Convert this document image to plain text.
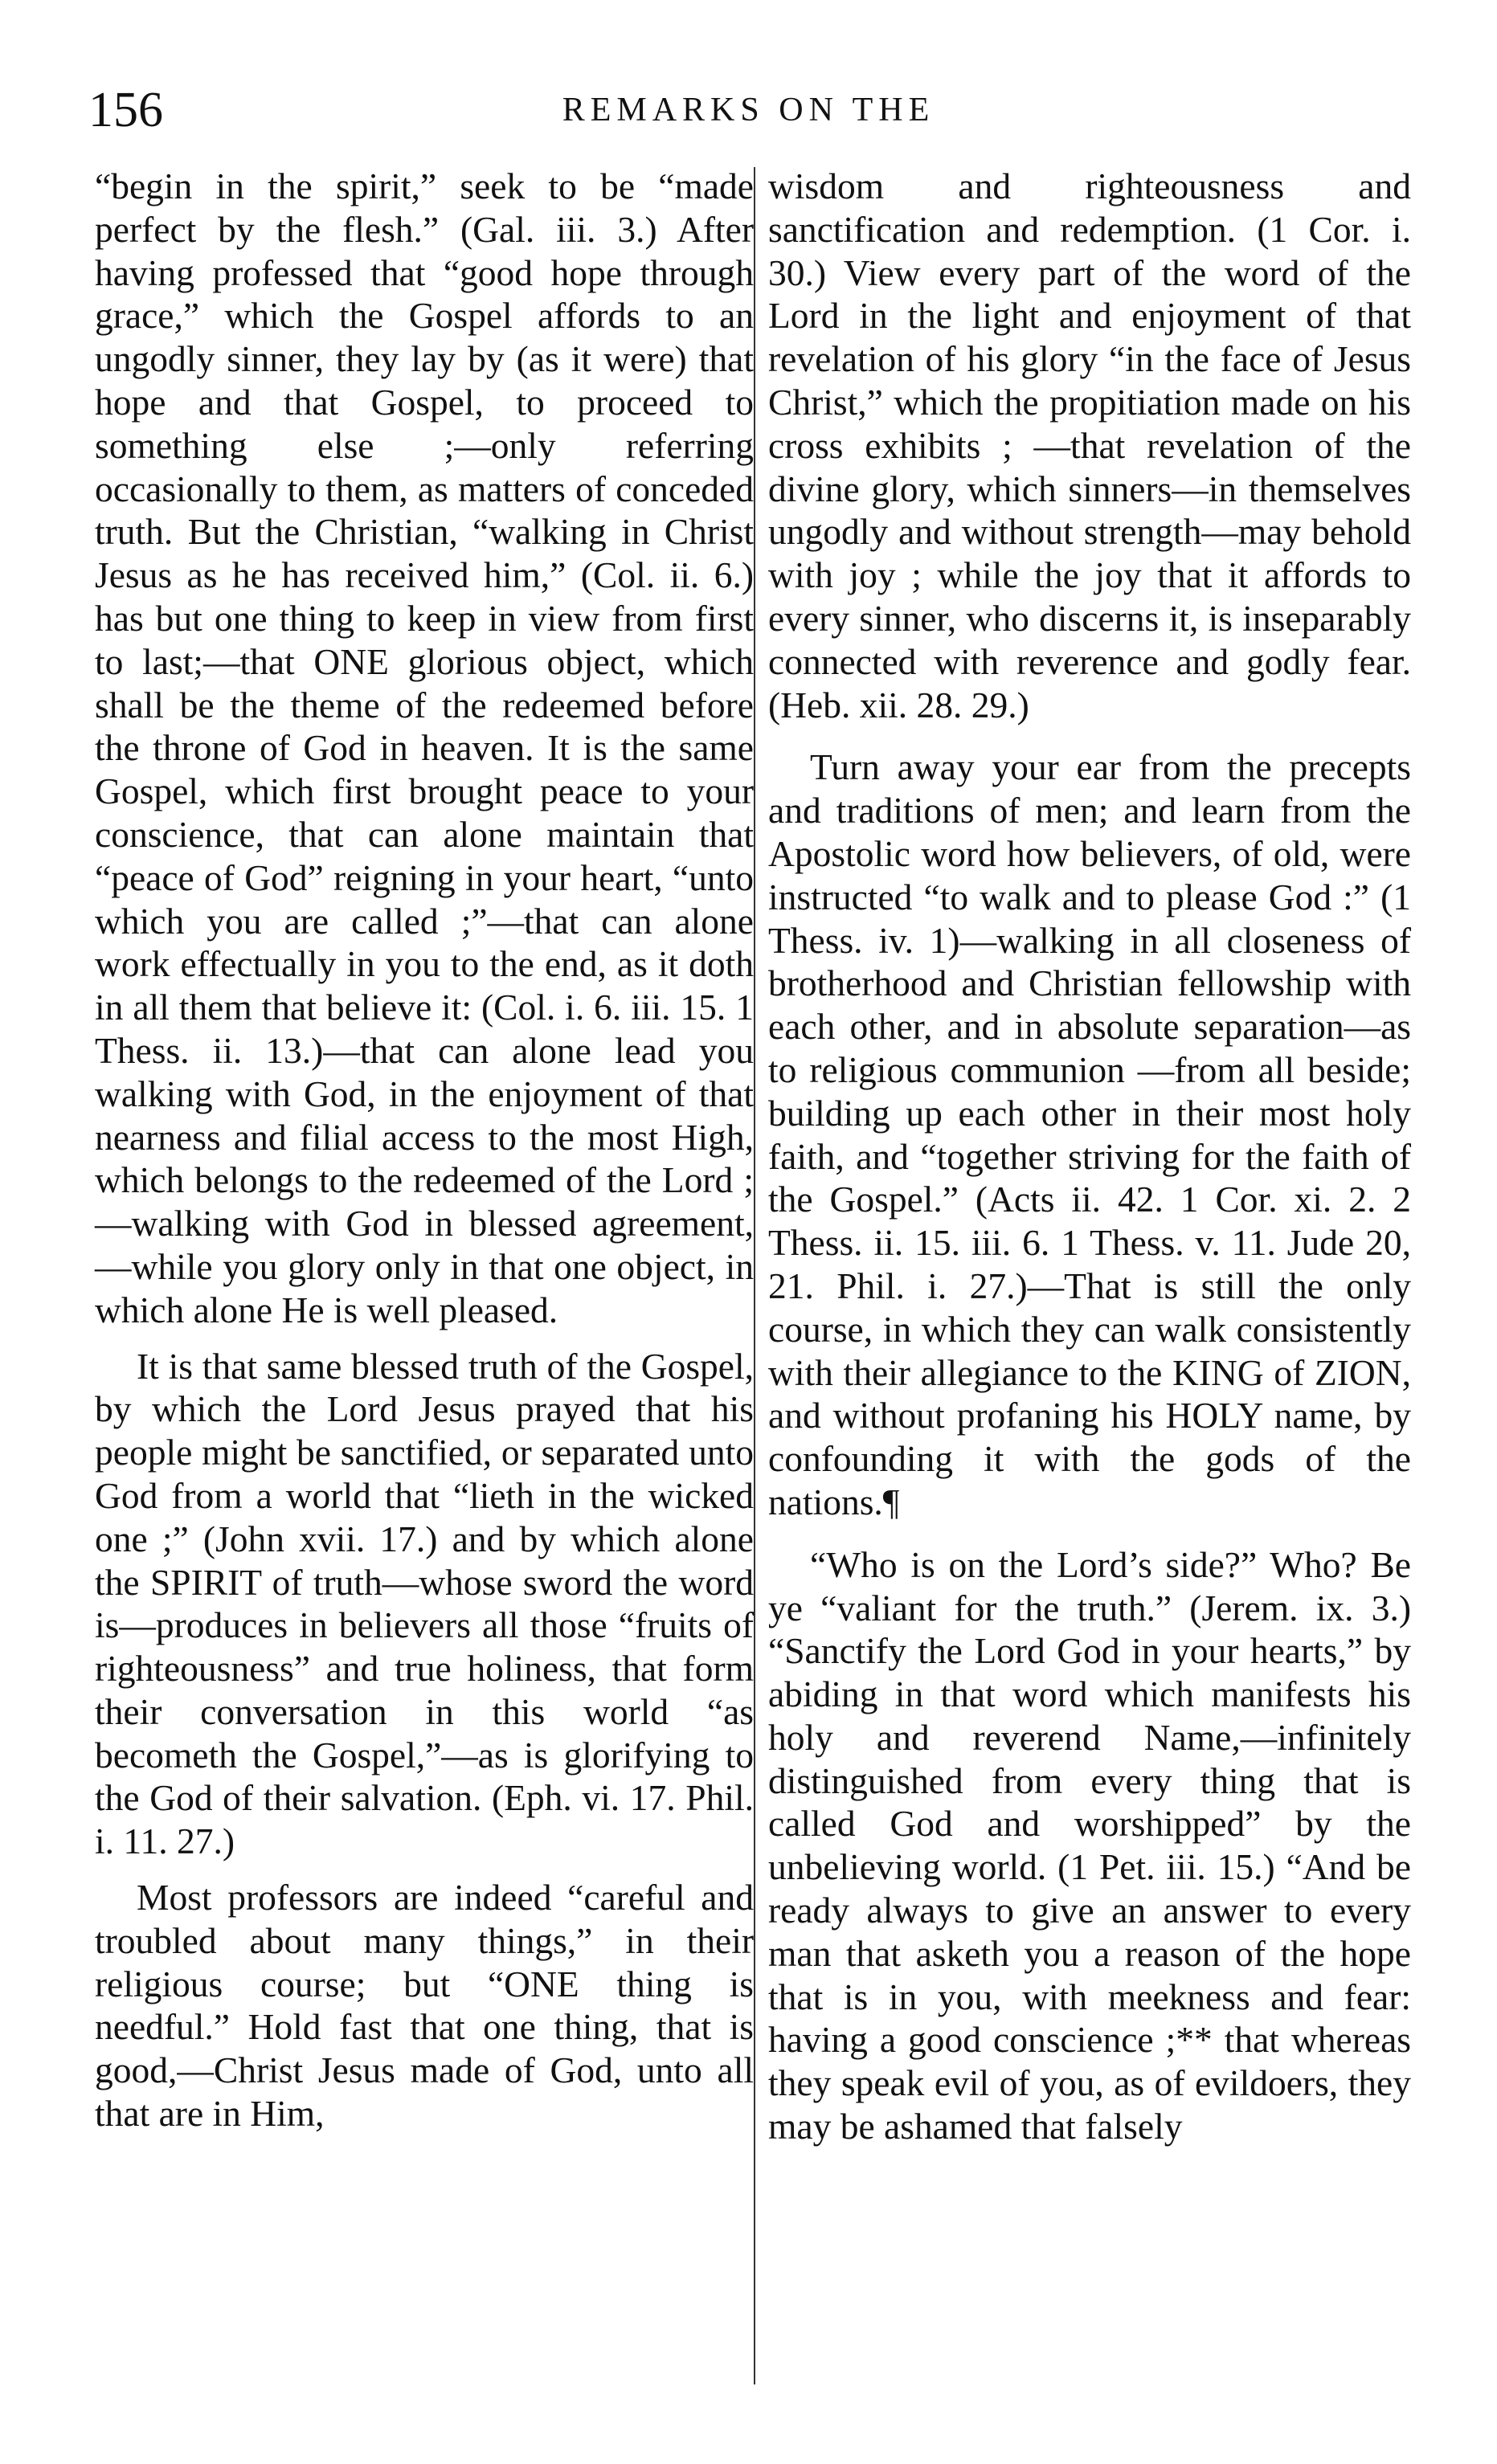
156	REMARKS ON THE

“begin in the spirit,” seek to be “made perfect by the flesh.” (Gal. iii. 3.) After having professed that “good hope through grace,” which the Gospel affords to an ungodly sinner, they lay by (as it were) that hope and that Gospel, to proceed to something else ;—only referring occasionally to them, as matters of conceded truth. But the Christian, “walking in Christ Jesus as he has received him,” (Col. ii. 6.) has but one thing to keep in view from first to last;—that ONE glorious object, which shall be the theme of the redeemed before the throne of God in heaven. It is the same Gospel, which first brought peace to your conscience, that can alone maintain that “peace of God” reigning in your heart, “unto which you are called ;”—that can alone work effectually in you to the end, as it doth in all them that believe it: (Col. i. 6. iii. 15. 1 Thess. ii. 13.)—that can alone lead you walking with God, in the enjoyment of that nearness and filial access to the most High, which belongs to the redeemed of the Lord ; —walking with God in blessed agreement,—while you glory only in that one object, in which alone He is well pleased.

It is that same blessed truth of the Gospel, by which the Lord Jesus prayed that his people might be sanctified, or separated unto God from a world that “lieth in the wicked one ;” (John xvii. 17.) and by which alone the SPIRIT of truth—whose sword the word is—produces in believers all those “fruits of righteousness” and true holiness, that form their conversation in this world “as becometh the Gospel,”—as is glorifying to the God of their salvation. (Eph. vi. 17. Phil. i. 11. 27.)

Most professors are indeed “careful and troubled about many things,” in their religious course; but “ONE thing is needful.” Hold fast that one thing, that is good,—Christ Jesus made of God, unto all that are in Him,

wisdom and righteousness and sanctification and redemption. (1 Cor. i. 30.) View every part of the word of the Lord in the light and enjoyment of that revelation of his glory “in the face of Jesus Christ,” which the propitiation made on his cross exhibits ; —that revelation of the divine glory, which sinners—in themselves ungodly and without strength—may behold with joy ; while the joy that it affords to every sinner, who discerns it, is inseparably connected with reverence and godly fear. (Heb. xii. 28. 29.)

Turn away your ear from the precepts and traditions of men; and learn from the Apostolic word how believers, of old, were instructed “to walk and to please God :” (1 Thess. iv. 1)—walking in all closeness of brotherhood and Christian fellowship with each other, and in absolute separation—as to religious communion —from all beside; building up each other in their most holy faith, and “together striving for the faith of the Gospel.” (Acts ii. 42. 1 Cor. xi. 2. 2 Thess. ii. 15. iii. 6. 1 Thess. v. 11. Jude 20, 21. Phil. i. 27.)—That is still the only course, in which they can walk consistently with their allegiance to the KING of ZION, and without profaning his HOLY name, by confounding it with the gods of the nations.¶

“Who is on the Lord’s side?” Who? Be ye “valiant for the truth.” (Jerem. ix. 3.) “Sanctify the Lord God in your hearts,” by abiding in that word which manifests his holy and reverend Name,—infinitely distinguished from every thing that is called God and worshipped” by the unbelieving world. (1 Pet. iii. 15.) “And be ready always to give an answer to every man that asketh you a reason of the hope that is in you, with meekness and fear: having a good conscience ;** that whereas they speak evil of you, as of evildoers, they may be ashamed that falsely
